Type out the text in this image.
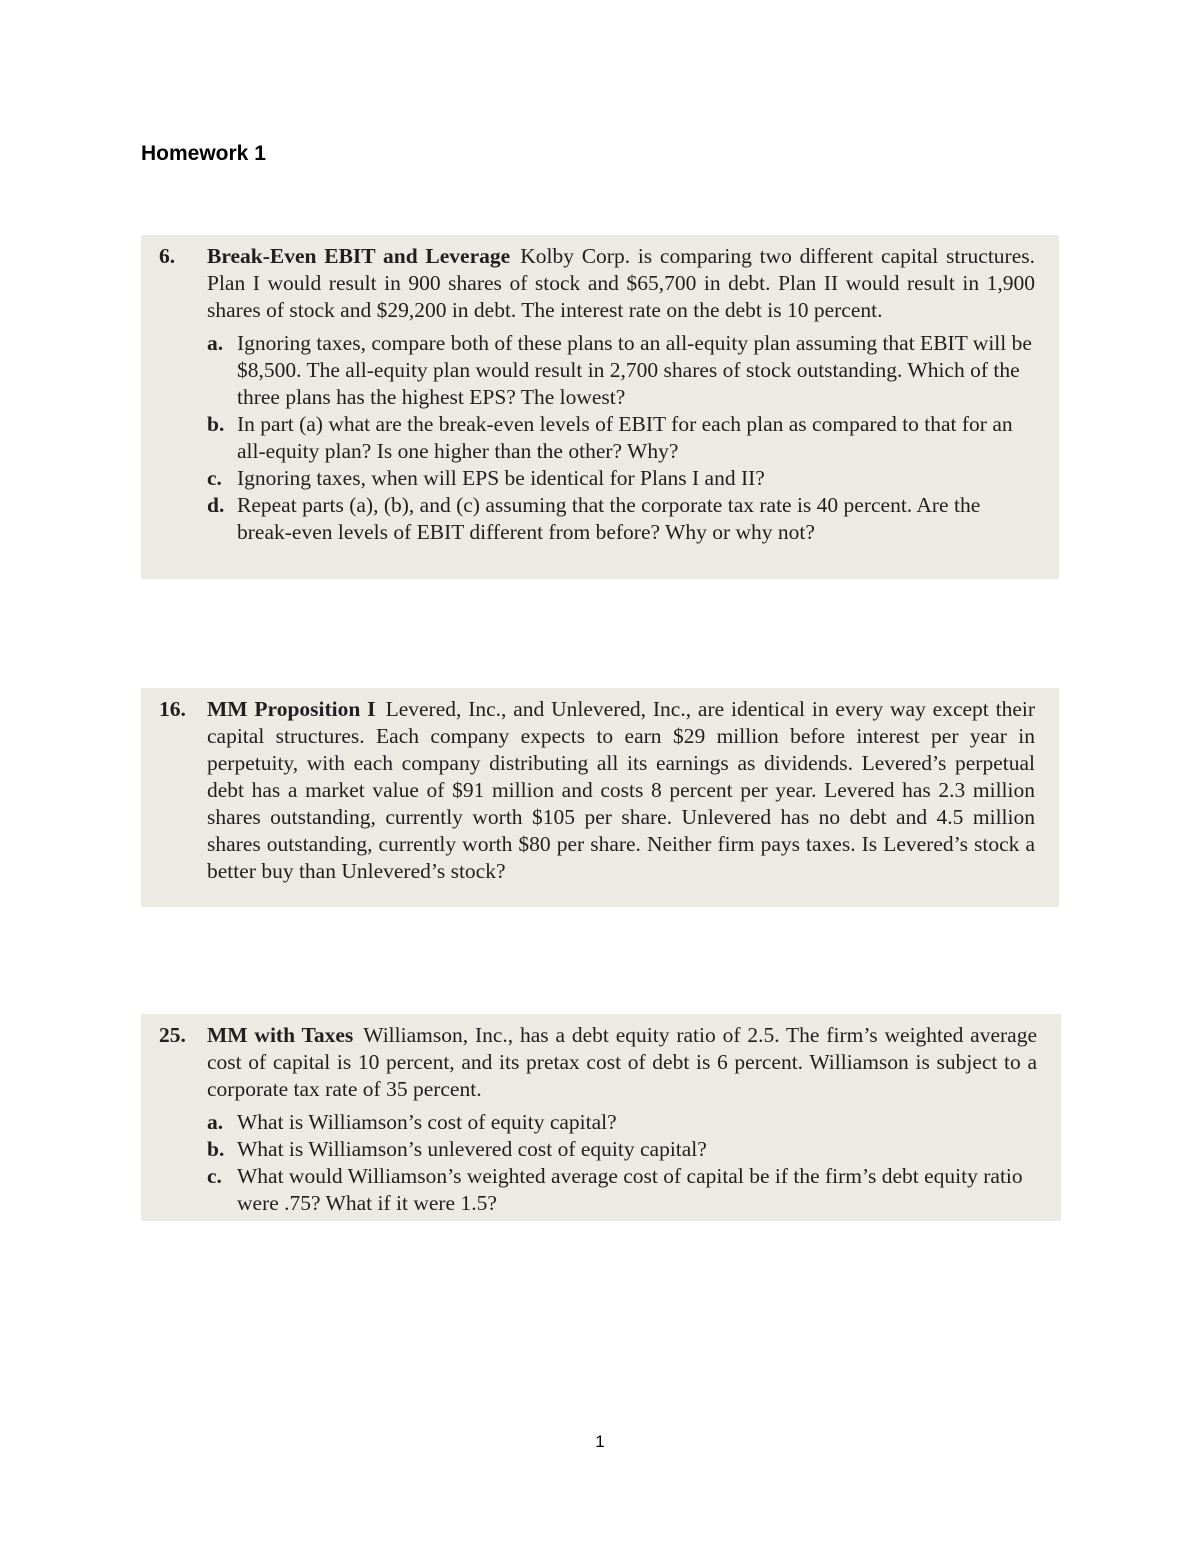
Homework 1
6.	Break-Even EBIT and Leverage Kolby Corp. is comparing two different capital structures. Plan I would result in 900 shares of stock and $65,700 in debt. Plan II would result in 1,900 shares of stock and $29,200 in debt. The interest rate on the debt is 10 percent.
a. Ignoring taxes, compare both of these plans to an all-equity plan assuming that EBIT will be $8,500. The all-equity plan would result in 2,700 shares of stock outstanding. Which of the three plans has the highest EPS? The lowest?
b. In part (a) what are the break-even levels of EBIT for each plan as compared to that for an all-equity plan? Is one higher than the other? Why?
c. Ignoring taxes, when will EPS be identical for Plans I and II?
d. Repeat parts (a), (b), and (c) assuming that the corporate tax rate is 40 percent. Are the break-even levels of EBIT different from before? Why or why not?
16. MM Proposition I Levered, Inc., and Unlevered, Inc., are identical in every way except their capital structures. Each company expects to earn $29 million before interest per year in perpetuity, with each company distributing all its earnings as dividends. Levered’s perpetual debt has a market value of $91 million and costs 8 percent per year. Levered has 2.3 million shares outstanding, currently worth $105 per share. Unlevered has no debt and 4.5 million shares outstanding, currently worth $80 per share. Neither firm pays taxes. Is Levered’s stock a better buy than Unlevered’s stock?
25. MM with Taxes Williamson, Inc., has a debt equity ratio of 2.5. The firm’s weighted average cost of capital is 10 percent, and its pretax cost of debt is 6 percent. Williamson is subject to a corporate tax rate of 35 percent.
a. What is Williamson’s cost of equity capital?
b. What is Williamson’s unlevered cost of equity capital?
c. What would Williamson’s weighted average cost of capital be if the firm’s debt equity ratio were .75? What if it were 1.5?
1
